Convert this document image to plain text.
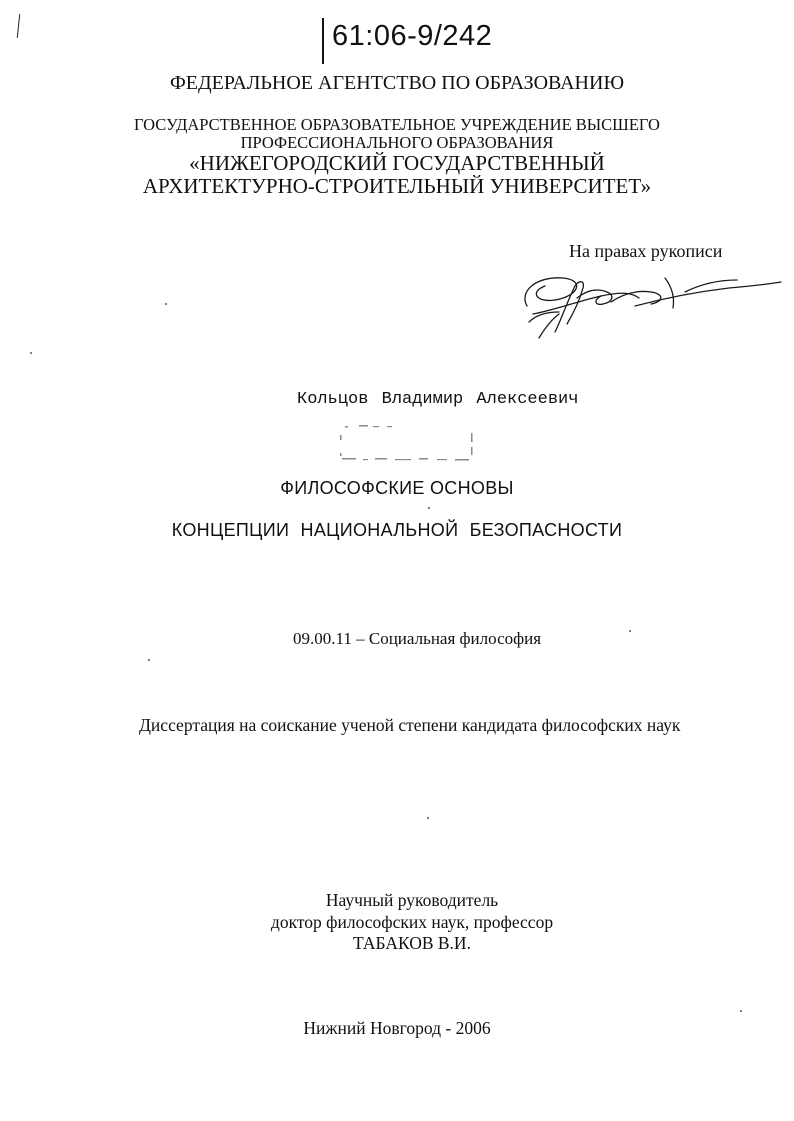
61:06-9/242
ФЕДЕРАЛЬНОЕ АГЕНТСТВО ПО ОБРАЗОВАНИЮ
ГОСУДАРСТВЕННОЕ ОБРАЗОВАТЕЛЬНОЕ УЧРЕЖДЕНИЕ ВЫСШЕГО
ПРОФЕССИОНАЛЬНОГО ОБРАЗОВАНИЯ
«НИЖЕГОРОДСКИЙ ГОСУДАРСТВЕННЫЙ
АРХИТЕКТУРНО-СТРОИТЕЛЬНЫЙ УНИВЕРСИТЕТ»
На правах рукописи
Кольцов Владимир Алексеевич
ФИЛОСОФСКИЕ ОСНОВЫ
КОНЦЕПЦИИ НАЦИОНАЛЬНОЙ БЕЗОПАСНОСТИ
09.00.11 – Социальная философия
Диссертация на соискание ученой степени кандидата философских наук
Научный руководитель
доктор философских наук, профессор
ТАБАКОВ В.И.
Нижний Новгород - 2006
